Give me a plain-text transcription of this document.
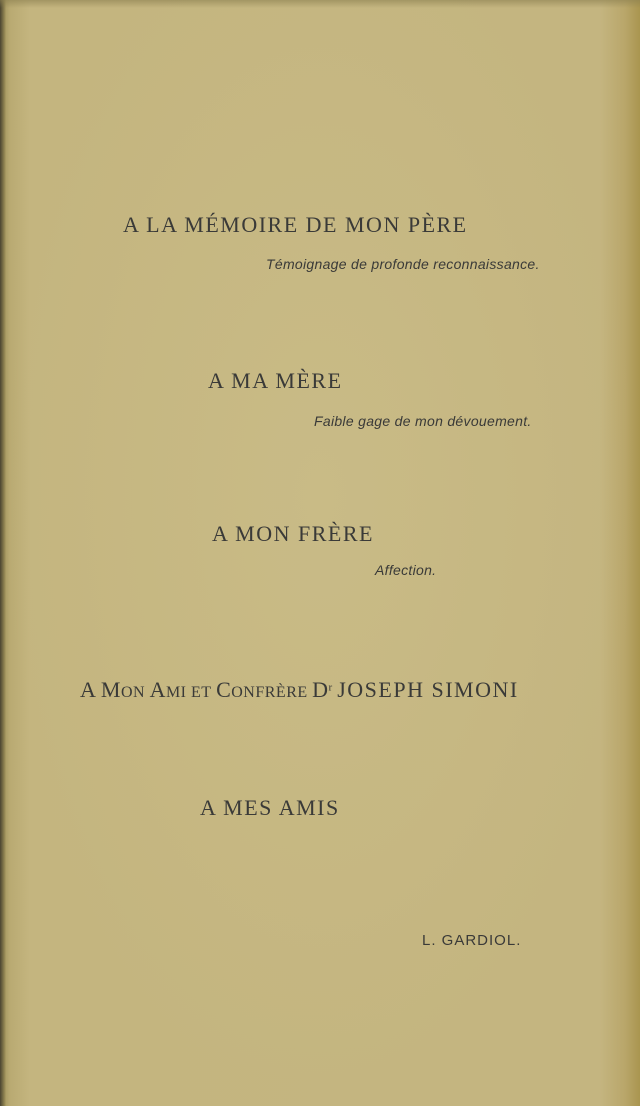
A LA MÉMOIRE DE MON PÈRE
Témoignage de profonde reconnaissance.
A MA MÈRE
Faible gage de mon dévouement.
A MON FRÈRE
Affection.
A MON AMI ET CONFRÈRE $D^r$ JOSEPH SIMONI
A MES AMIS
L. GARDIOL.
